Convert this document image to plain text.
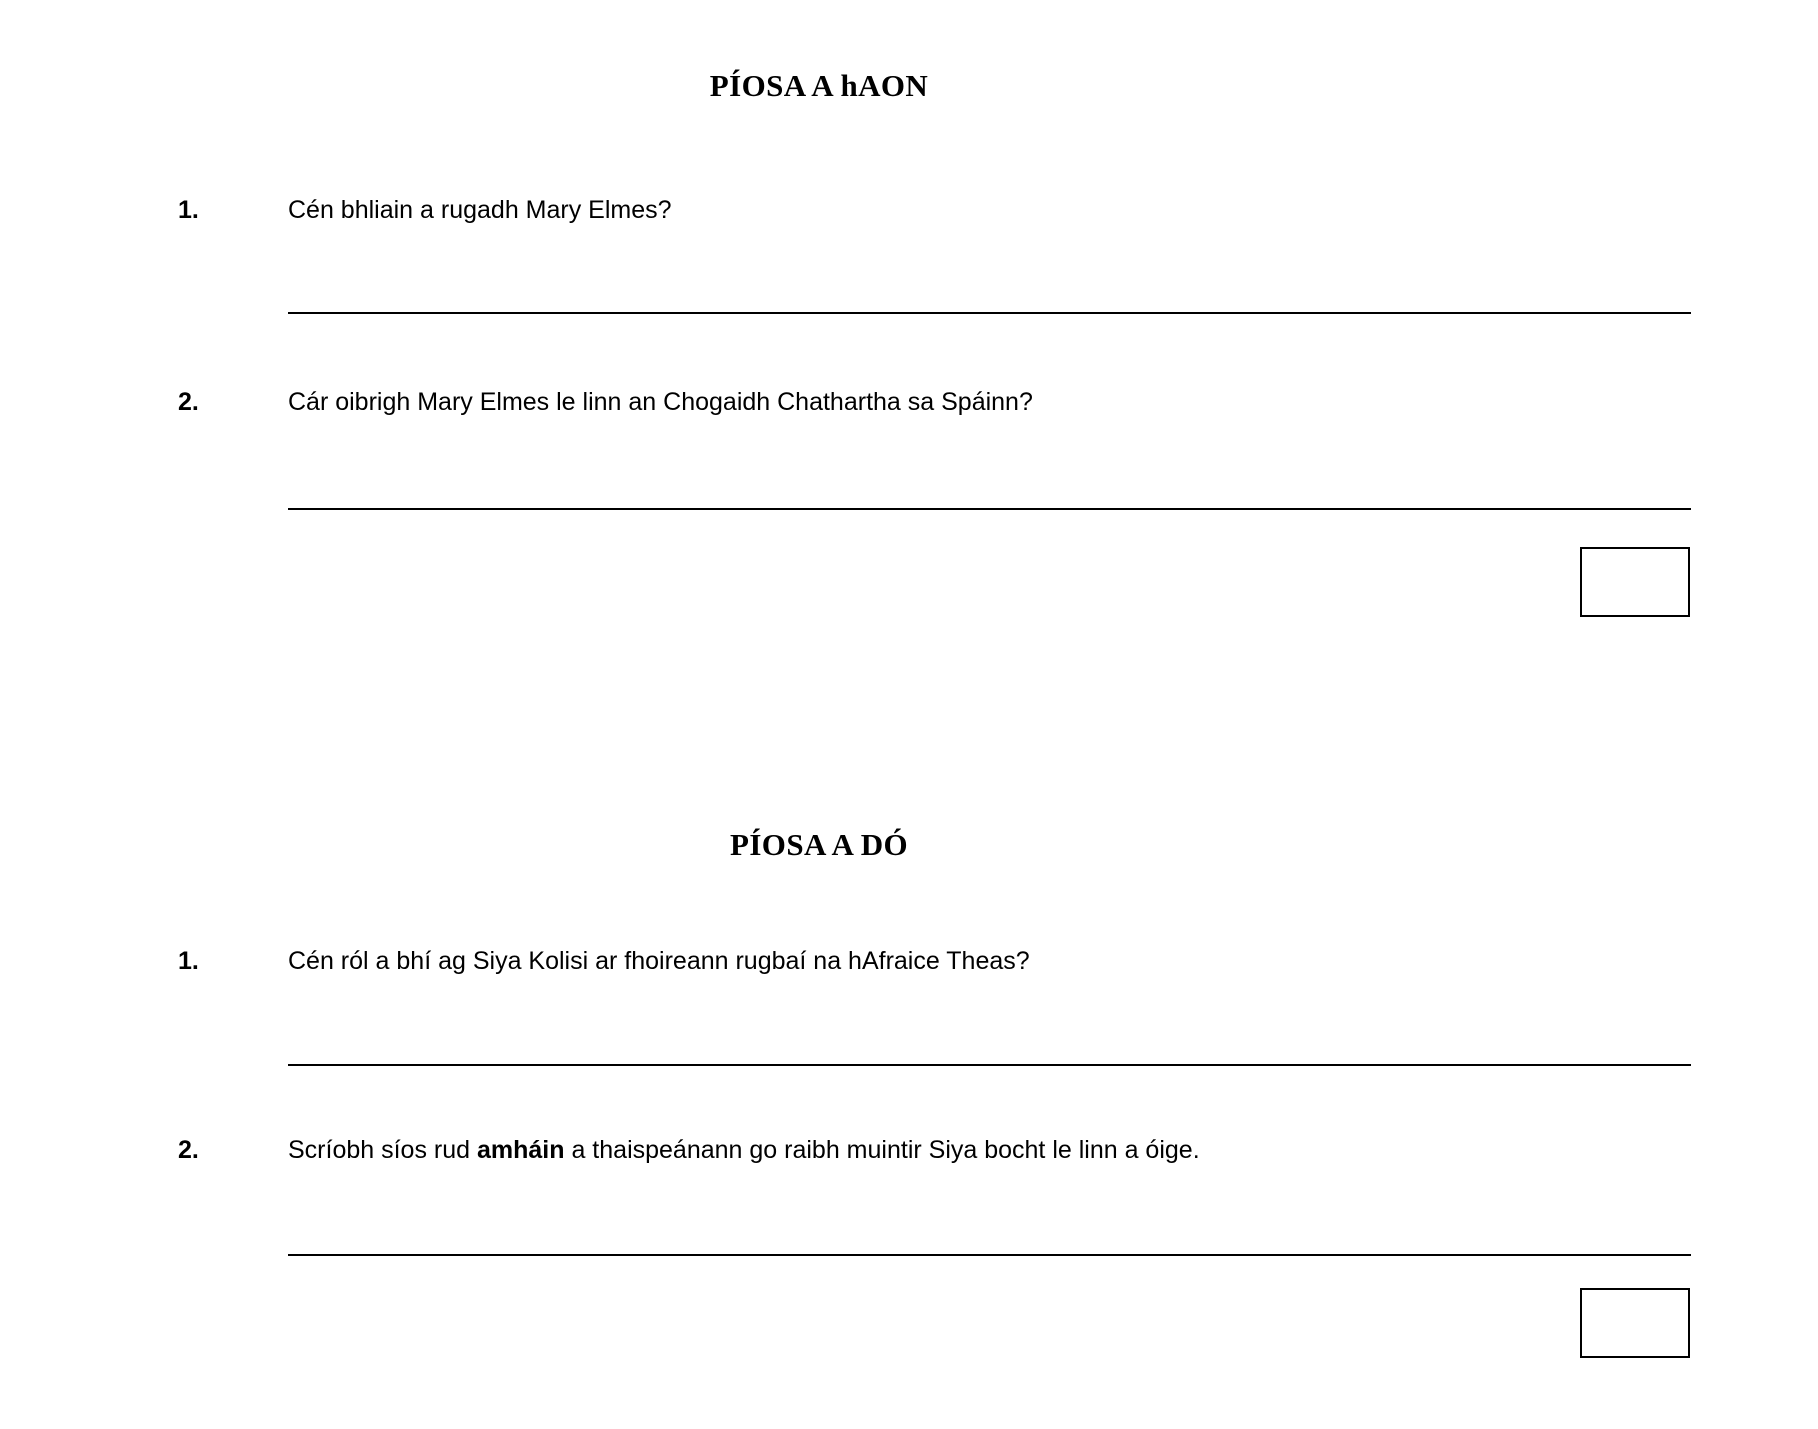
PÍOSA A hAON
1.	Cén bhliain a rugadh Mary Elmes?
2.	Cár oibrigh Mary Elmes le linn an Chogaidh Chathartha sa Spáinn?
PÍOSA A DÓ
1.	Cén ról a bhí ag Siya Kolisi ar fhoireann rugbaí na hAfraice Theas?
2.	Scríobh síos rud amháin a thaispeánann go raibh muintir Siya bocht le linn a óige.
